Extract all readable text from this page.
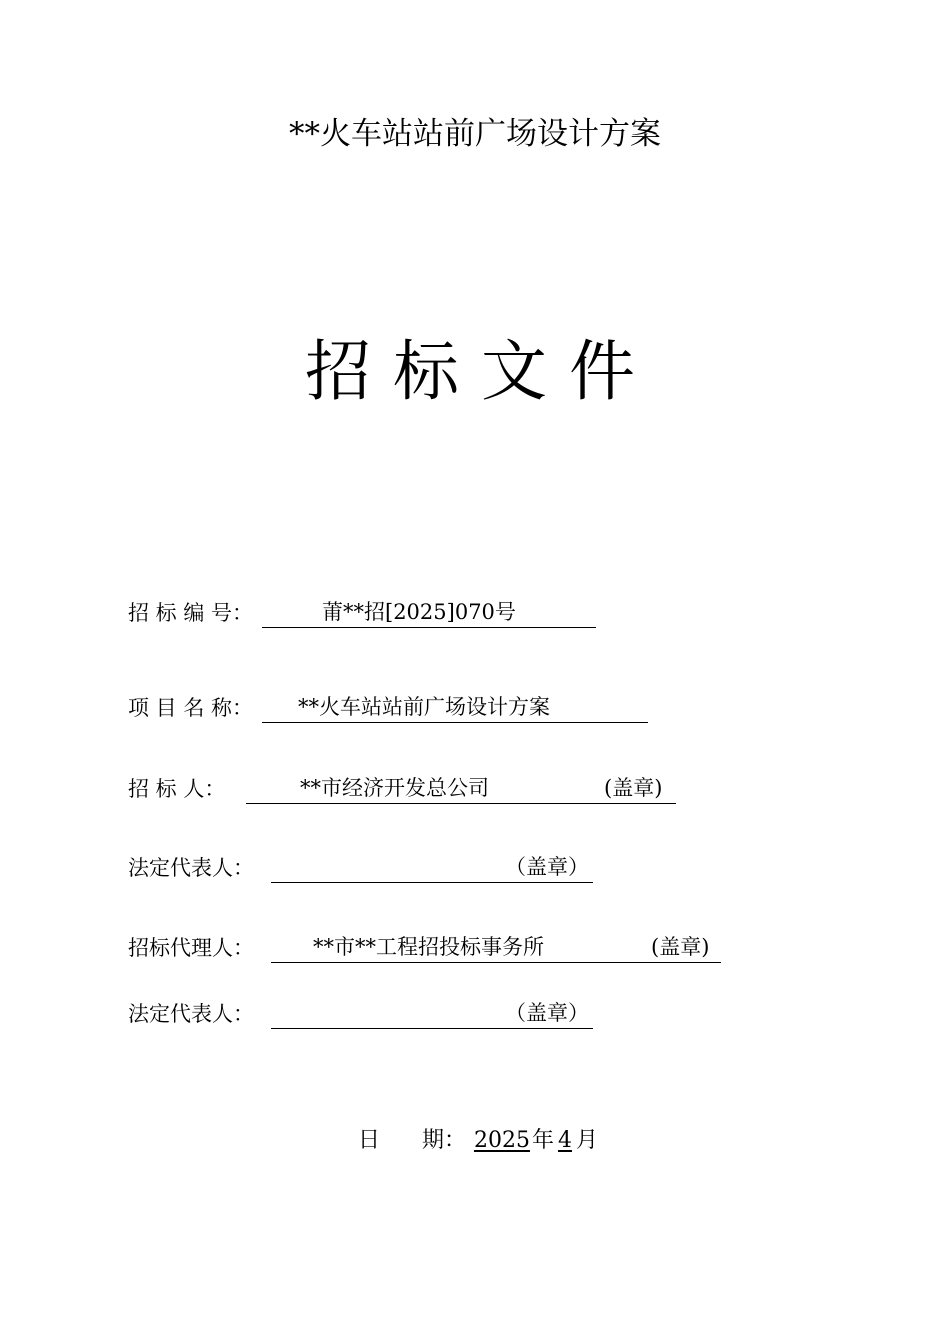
**火车站站前广场设计方案
招标文件
招 标 编 号：	莆**招[2025]070号
项 目 名 称： **火车站站前广场设计方案
招 标 人：	**市经济开发总公司	(盖章)
法定代表人：	（盖章）
招标代理人：	**市**工程招投标事务所	(盖章)
法定代表人：	（盖章）
日      期： 2025年 4 月
